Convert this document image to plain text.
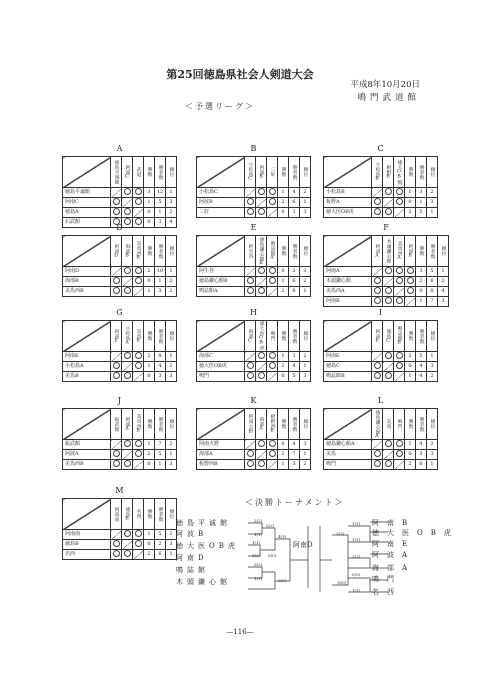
第25回徳島県社会人剣道大会
平成8年10月20日
鳴門武道館
＜予選リーグ＞
A
	徳島平诚館	阿南C	武道	勝数	勝者数	順位
徳島平诚館				3	12	1
阿南C				1	5	3
徳島A				0	1	2
石武館				0	3	4
B
	小松島C	阿波B	三好	勝数	勝者数	順位
小松島C				1	4	2
阿波B				2	6	1
三好				0	3	3
C
	小松島B	板野B	徳大OB館	勝数	勝者数	順位
小松島B				1	3	2
板野A				0	1	3
徳大医OB虎				2	5	1
D
	阿南D	海部B	美馬西B	勝数	勝者数	順位
阿南D				2	10	1
海部B				0	1	2
美馬西B				1	3	2
E
	阿生谷	徳島鎌心館B	鳴誌館A	勝数	勝者数	順位
阿生谷				0	3	3
徳島鎌心館B				1	6	2
鳴誌館A				2	8	1
F
	阿南A	木頭鎌心館	美馬西A	阿南B	勝数	勝者数	順位
阿南A					3	5	1
木頭鎌心館					2	6	2
美馬西A					0	0	4
阿南B					1	7	3
G
	阿南E	小松島A	美馬B	勝数	勝者数	順位
阿南E				2	8	1
小松島A				1	4	2
美馬B				0	3	3
H
	海部C	徳大医OB虎	鳴門	勝数	勝者数	順位
海部C				1	3	2
徳大医OB虎				2	4	1
鳴門				0	5	3
I
	阿南E	徳島C	鳴誌館B	勝数	勝者数	順位
阿南E				2	5	1
徳島C				0	4	3
鳴誌館B				1	4	2
J
	振武館	阿波A	美馬西B	勝数	勝者数	順位
振武館				1	7	2
阿波A				2	5	1
美馬西B				0	1	3
K
	阿南大野	海部A	板野西B	勝数	勝者数	順位
阿南大野				0	4	3
海部A				2	7	1
板野西B				1	3	2
L
	徳島鎌心館A	美馬	鳴門	勝数	勝者数	順位
徳島鎌心館A				1	4	2
美馬				0	3	3
鳴門				2	6	1
M
	阿南南	徳島B	名西	勝数	勝者数	順位
阿南南				1	5	2
徳島B				0	2	3
名西				2	6	1
＜決勝トーナメント＞
徳島平诚館
阿波B
徳大医OB虎
阿南D
鳴誌館
木頭鎌心館
阿南B
徳大医OB虎
阿南E
阿波A
海部A
鳴門
名西
阿南D
2(2)
1(1)
1(1)
3(2)
3(2)
1(1)
2(2)
0(0)
4(3)
0(0)
2(2)
0(0)
1(1)
1(1)
2(2)
0(0)
1(1)
—116—
